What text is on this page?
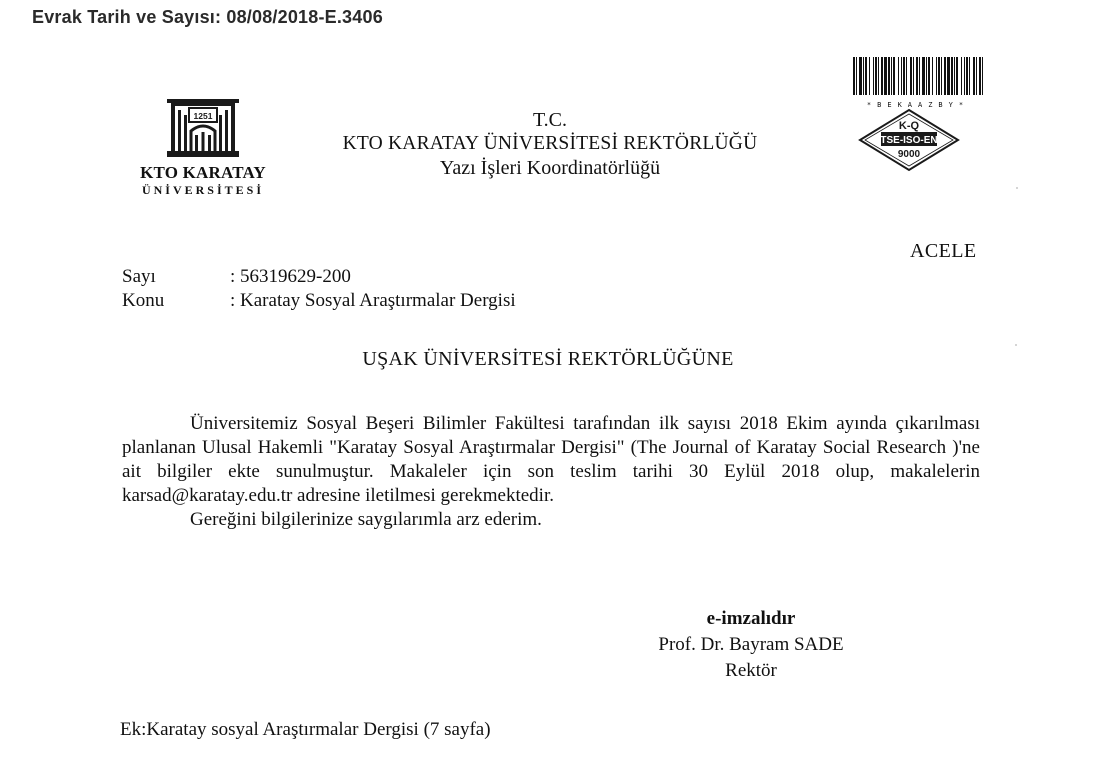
Evrak Tarih ve Sayısı: 08/08/2018-E.3406
1251
KTO KARATAY
ÜNİVERSİTESİ
T.C.
KTO KARATAY ÜNİVERSİTESİ REKTÖRLÜĞÜ
Yazı İşleri Koordinatörlüğü
*BEKAAZBY*
K-Q
TSE-ISO-EN
9000
ACELE
Sayı	: 56319629-200
Konu	: Karatay Sosyal Araştırmalar Dergisi
UŞAK ÜNİVERSİTESİ REKTÖRLÜĞÜNE

Üniversitemiz Sosyal Beşeri Bilimler Fakültesi tarafından ilk sayısı 2018 Ekim ayında çıkarılması planlanan Ulusal Hakemli "Karatay Sosyal Araştırmalar Dergisi" (The Journal of Karatay Social Research )'ne ait bilgiler ekte sunulmuştur. Makaleler için son teslim tarihi 30 Eylül 2018 olup, makalelerin karsad@karatay.edu.tr adresine iletilmesi gerekmektedir.

Gereğini bilgilerinize saygılarımla arz ederim.

e-imzalıdır
Prof. Dr. Bayram SADE
Rektör
Ek:Karatay sosyal Araştırmalar Dergisi (7 sayfa)
